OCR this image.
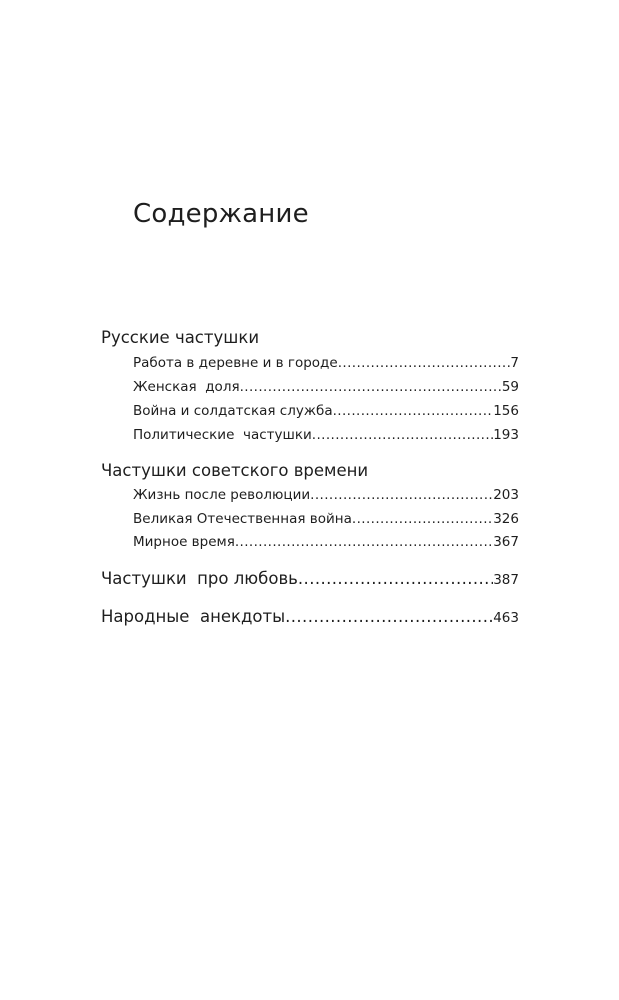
Содержание
Русские частушки
Работа в деревне и в городе .....	7
Женская  доля .....	59
Война и солдатская служба .....	156
Политические  частушки .....	193
Частушки советского времени
Жизнь после революции .....	203
Великая Отечественная война .....	326
Мирное время .....	367
Частушки  про любовь .....	387
Народные  анекдоты .....	463
